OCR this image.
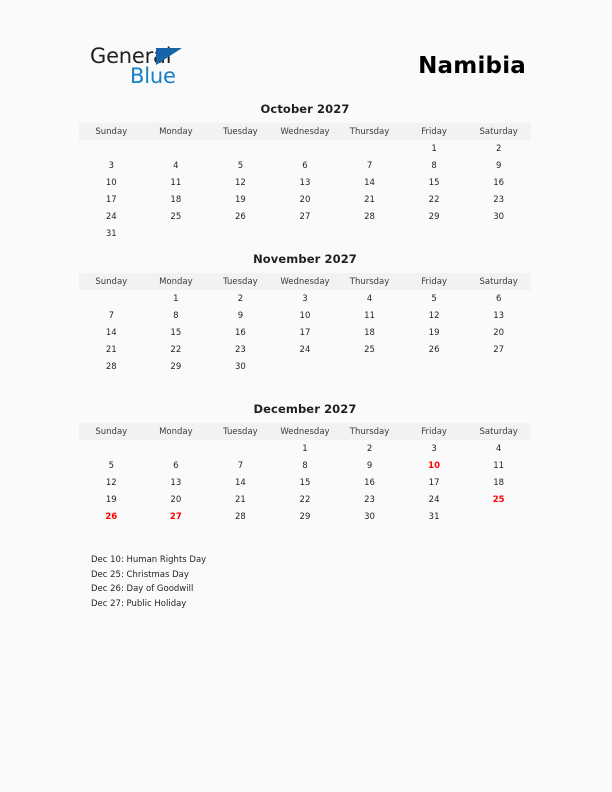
General
Blue	Namibia
October 2027
Sunday	Monday	Tuesday	Wednesday	Thursday	Friday	Saturday
					1	2
3	4	5	6	7	8	9
10	11	12	13	14	15	16
17	18	19	20	21	22	23
24	25	26	27	28	29	30
31						
November 2027
Sunday	Monday	Tuesday	Wednesday	Thursday	Friday	Saturday
	1	2	3	4	5	6
7	8	9	10	11	12	13
14	15	16	17	18	19	20
21	22	23	24	25	26	27
28	29	30				
December 2027
Sunday	Monday	Tuesday	Wednesday	Thursday	Friday	Saturday
			1	2	3	4
5	6	7	8	9	10	11
12	13	14	15	16	17	18
19	20	21	22	23	24	25
26	27	28	29	30	31	
Dec 10: Human Rights Day
Dec 25: Christmas Day
Dec 26: Day of Goodwill
Dec 27: Public Holiday
